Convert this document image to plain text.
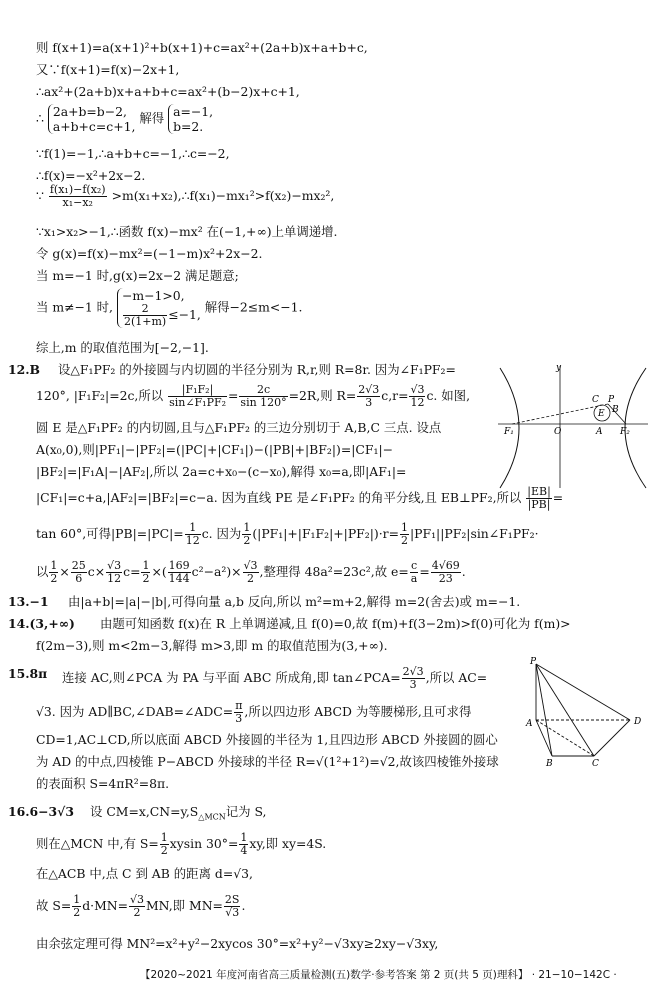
则 f(x+1)=a(x+1)²+b(x+1)+c=ax²+(2a+b)x+a+b+c,
又∵f(x+1)=f(x)−2x+1,
∴ax²+(2a+b)x+a+b+c=ax²+(b−2)x+c+1,
∴ 2a+b=b−2,
a+b+c=c+1,
解得 a=−1,
b=2.
∵f(1)=−1,∴a+b+c=−1,∴c=−2,
∴f(x)=−x²+2x−2.
∵ $\frac{\text{f(x₁)−f(x₂)}}{\text{x₁−x₂}}$ >m(x₁+x₂),∴f(x₁)−mx₁²>f(x₂)−mx₂²,
∵x₁>x₂>−1,∴函数 f(x)−mx² 在(−1,+∞)上单调递增.
令 g(x)=f(x)−mx²=(−1−m)x²+2x−2.
当 m=−1 时,g(x)=2x−2 满足题意;
当 m≠−1 时,
−m−1>0,
$\frac{2}{2(1+m)} \le-1$, 解得−2≤m<−1.
综上,m 的取值范围为[−2,−1].
12.B 设△F₁PF₂ 的外接圆与内切圆的半径分别为 R,r,则 R=8r. 因为∠F₁PF₂=
120°, |F₁F₂|=2c,所以 $\frac{\text{|F₁F₂|}}{\text{sin∠F₁PF₂}} = \frac{2c}{\sin 120^\circ} =2R$,则 $R= \frac{2√3}{3} c,r= \frac{√3}{12} c$. 如图,
圆 E 是△F₁PF₂ 的内切圆,且与△F₁PF₂ 的三边分别切于 A,B,C 三点. 设点
A(x₀,0),则|PF₁|−|PF₂|=(|PC|+|CF₁|)−(|PB|+|BF₂|)=|CF₁|−
|BF₂|=|F₁A|−|AF₂|,所以 2a=c+x₀−(c−x₀),解得 x₀=a,即|AF₁|=
|CF₁|=c+a,|AF₂|=|BF₂|=c−a. 因为直线 PE 是∠F₁PF₂ 的角平分线,且 EB⊥PF₂,所以 $\frac{|EB|}{|PB|}$ =
tan 60°,可得$|PB|=|PC|= \frac{1}{12} c$. 因为 $\frac{1}{2} (|PF_1|+|F_1F_2|+|PF_2|)\cdot r= \frac{1}{2}$ |PF₁||PF₂|sin∠F₁PF₂·
以 $\frac{1}{2} \times \frac{25}{6} c\times \frac{√3}{12} c= \frac{1}{2}$ ×( $\frac{169}{144} c^2-a^2)\times \frac{√3}{2}$ ,整理得 48a²=23c²,故 $e= \frac{c}{a} = \frac{4√69}{23}$ .
y
C P
E B
F₁	O	A F₂
13.−1 由|a+b|=|a|−|b|,可得向量 a,b 反向,所以 m²=m+2,解得 m=2(舍去)或 m=−1.
14.(3,+∞) 由题可知函数 f(x)在 R 上单调递减,且 f(0)=0,故 f(m)+f(3−2m)>f(0)可化为 f(m)>
f(2m−3),则 m<2m−3,解得 m>3,即 m 的取值范围为(3,+∞).
15.8π 连接 AC,则∠PCA 为 PA 与平面 ABC 所成角,即 tan∠PCA= $\frac{2√3}{3}$ ,所以 AC=
√3. 因为 AD∥BC,∠DAB=∠ADC= $\frac{\pi}{3}$ ,所以四边形 ABCD 为等腰梯形,且可求得
CD=1,AC⊥CD,所以底面 ABCD 外接圆的半径为 1,且四边形 ABCD 外接圆的圆心
为 AD 的中点,四棱锥 P−ABCD 外接球的半径 R=√(1²+1²)=√2,故该四棱锥外接球
的表面积 S=4πR²=8π.
P
A	D
B	C
16.6−3√3 设 $CM=x,CN=y,S_{\triangle MCN}$记为 S,
则在△MCN 中,有 $S= \frac{1}{2}$ xysin $30^\circ= \frac{1}{4}$ xy,即 xy=4S.
在△ACB 中,点 C 到 AB 的距离 d=√3,
故 $S= \frac{1}{2} d\cdot MN= \frac{√3}{2}$ MN,即 $MN= \frac{2S}{√3}$ .
由余弦定理可得 MN²=x²+y²−2xycos 30°=x²+y²−√3xy≥2xy−√3xy,
【2020~2021 年度河南省高三质量检测(五)数学·参考答案 第 2 页(共 5 页)理科】 · 21−10−142C ·
